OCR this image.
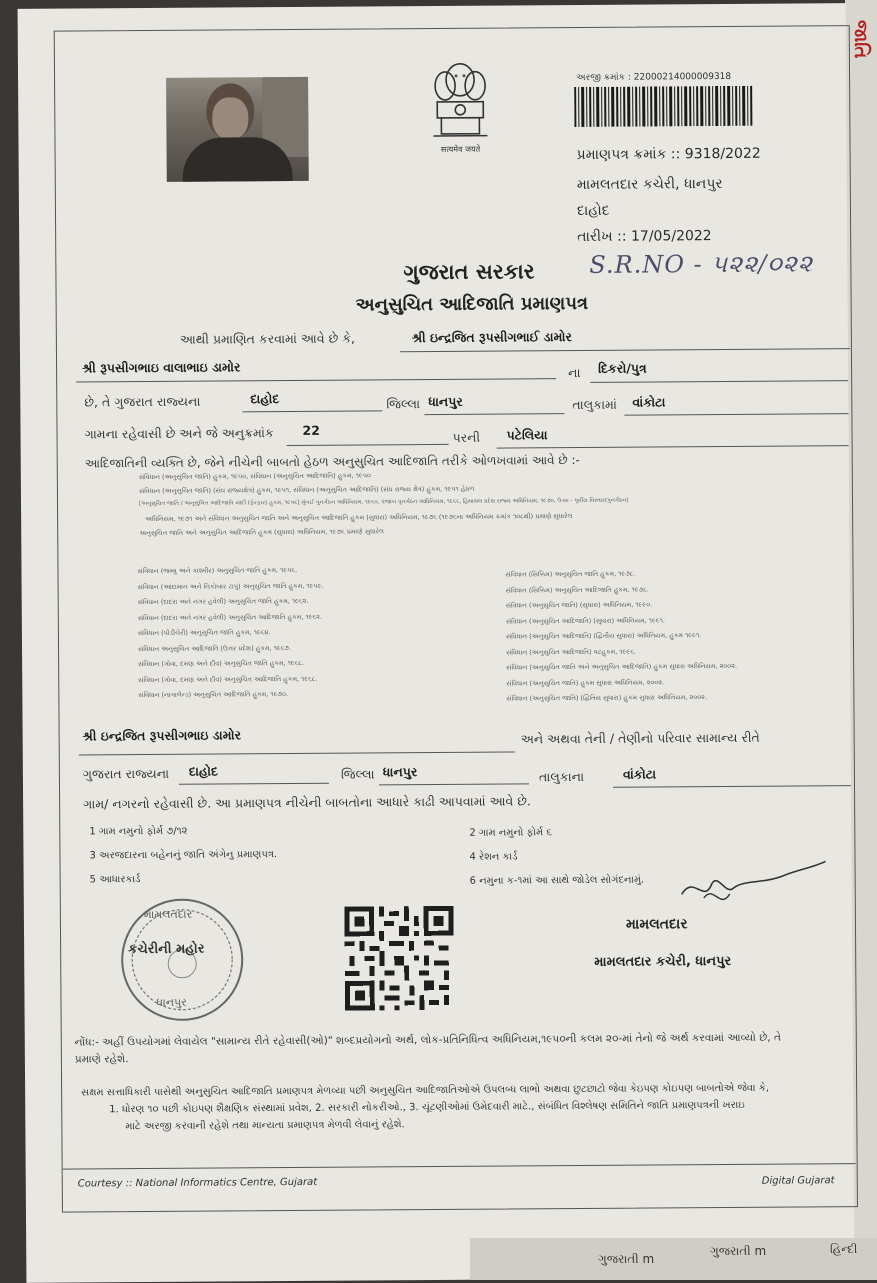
જાતિ
सत्यमेव जयते
અરજી ક્રમાંક : 22000214000009318
પ્રમાણપત્ર ક્રમાંક :: 9318/2022
મામલતદાર કચેરી, ધાનપુર
દાહોદ
તારીખ :: 17/05/2022
S.R.NO - ૫૨૨/૦૨૨
ગુજરાત સરકાર
અનુસુચિત આદિજાતિ પ્રમાણપત્ર
આથી પ્રમાણિત કરવામાં આવે છે કે,	શ્રી ઇન્દ્રજિત રૂપસીગભાઈ ડામોર
શ્રી રૂપસીગભાઇ વાલાભાઇ ડામોર	ના દિકરો/પુત્ર
છે, તે ગુજરાત રાજ્યના	દાહોદ	જિલ્લા ધાનપુર	તાલુકામાં વાંકોટા
ગામના રહેવાસી છે અને જે અનુક્રમાંક 22	પરની પટેલિયા
આદિજાતિની વ્યક્તિ છે, જેને નીચેની બાબતો હેઠળ અનુસુચિત આદિજાતિ તરીકે ઓળખવામાં આવે છે :-
સંવિધાન (અનુસુચિત જાતિ) હુકમ, ૧૯૫૦, સંવિધાન (અનુસુચિત આદિજાતિ) હુકમ, ૧૯૫૦
સંવિધાન (અનુસુચિત જાતિ) (સંઘ રાજ્યક્ષેત્ર) હુકમ, ૧૯૫૧, સંવિધાન (અનુસુચિત આદિજાતિ) (સંઘ રાજ્ય ક્ષેત્ર) હુકમ, ૧૯૫૧ હેઠળ
[અનુસુચિત જાતિ / અનુસુચિત આદિજાતિ યાદી (ફેરફાર) હુકમ, ૧૯૫૬] મુંબઈ પુનર્ગઠન અધિનિયમ, ૧૯૬૦, પંજાબ પુનર્ગઠન અધિનિયમ, ૧૯૬૬, હિમાચલ પ્રદેશ રાજ્ય અધિનિયમ, ૧૯૭૦, ઉત્તર - પૂર્વીય વિસ્તાર(પુનર્ગઠન)
અધિનિયમ, ૧૯૭૧ અને સંવિધાન અનુસુચિત જાતિ અને અનુસુચિત આદિજાતિ હુકમ (સુધારા) અધિનિયમ, ૧૯૭૬ (૧૯૭૬ના અધિનિયમ ક્રમાંક ૧૦૮થી) પ્રમાણે સુધારેલ
અનુસુચિત જાતિ અને અનુસુચિત આદિજાતિ હુકમ (સુધારા) અધિનિયમ, ૧૯૭૬ પ્રમાણે સુધારેલ
સંવિધાન (જમ્મુ અને કાશ્મીર) અનુસુચિત જાતિ હુકમ, ૧૯૫૬.
સંવિધાન (આંદામાન અને નિકોબાર ટાપુ) અનુસુચિત જાતિ હુકમ, ૧૯૫૯.
સંવિધાન (દાદરા અને નગર હવેલી) અનુસુચિત જાતિ હુકમ, ૧૯૬૨.
સંવિધાન (દાદરા અને નગર હવેલી) અનુસુચિત આદિજાતિ હુકમ, ૧૯૬૨.
સંવિધાન (પોંડીચેરી) અનુસુચિત જાતિ હુકમ, ૧૯૬૪.
સંવિધાન અનુસુચિત આદિજાતિ (ઉત્તર પ્રદેશ) હુકમ, ૧૯૬૭.
સંવિધાન (ગોવા, દમણ અને દીવ) અનુસુચિત જાતિ હુકમ, ૧૯૬૮.
સંવિધાન (ગોવા, દમણ અને દીવ) અનુસુચિત આદિજાતિ હુકમ, ૧૯૬૮.
સંવિધાન (નાગાલેન્ડ) અનુસુચિત આદિજાતિ હુકમ, ૧૯૭૦.
સંવિધાન (સિક્કિમ) અનુસુચિત જાતિ હુકમ, ૧૯૭૮.
સંવિધાન (સિક્કિમ) અનુસુચિત આદિજાતિ હુકમ, ૧૯૭૮.
સંવિધાન (અનુસુચિત જાતિ) (સુધારા) અધિનિયમ, ૧૯૯૦.
સંવિધાન (અનુસુચિત આદિજાતિ) (સુધારા) અધિનિયમ, ૧૯૯૧.
સંવિધાન (અનુસુચિત આદિજાતિ) (દ્વિતીય સુધારા) અધિનિયમ, હુકમ ૧૯૯૧.
સંવિધાન (અનુસુચિત આદિજાતિ) વટહુકમ, ૧૯૯૬.
સંવિધાન (અનુસુચિત જાતિ અને અનુસુચિત આદિજાતિ) હુકમ સુધારા અધિનિયમ, ૨૦૦૨.
સંવિધાન (અનુસુચિત જાતિ) હુકમ સુધારા અધિનિયમ, ૨૦૦૨.
સંવિધાન (અનુસુચિત જાતિ) (દ્વિતિય સુધારા) હુકમ સુધારા અધિનિયમ, ૨૦૦૨.
શ્રી ઇન્દ્રજિત રૂપસીગભાઇ ડામોર	અને અથવા તેની / તેણીનો પરિવાર સામાન્ય રીતે
ગુજરાત રાજ્યના દાહોદ	જિલ્લા ધાનપુર	તાલુકાના	વાંકોટા
ગામ/ નગરનો રહેવાસી છે. આ પ્રમાણપત્ર નીચેની બાબતોના આધારે કાઢી આપવામાં આવે છે.
1 ગામ નમુનો ફોર્મ ૭/૧૨	2 ગામ નમુનો ફોર્મ ૬
3 અરજદારના બહેનનું જાતિ અંગેનુ પ્રમાણપત્ર.	4 રેશન કાર્ડ
5 આધારકાર્ડ	6 નમુના ક-૧માં આ સાથે જોડેલ સોગંદનામું.
મામલતદાર
કચેરીની મહોર
ધાનપુર
મામલતદાર
મામલતદાર કચેરી, ધાનપુર
નોંધ:- અહીં ઉપયોગમાં લેવાયેલ "સામાન્ય રીતે રહેવાસી(ઓ)" શબ્દપ્રયોગનો અર્થ, લોક-પ્રતિનિધિત્વ અધિનિયમ,૧૯૫૦ની કલમ ૨૦-માં તેનો જે અર્થ કરવામાં આવ્યો છે, તે
પ્રમાણે રહેશે.
સક્ષમ સત્તાધિકારી પાસેથી અનુસુચિત આદિજાતિ પ્રમાણપત્ર મેળવ્યા પછી અનુસુચિત આદિજાતિઓએ ઉપલબ્ધ લાભો અથવા છુટછાટો જેવા કેઇપણ કોઇપણ બાબતોએ જેવા કે,
1. ધોરણ ૧૦ પછી કોઇપણ શૈક્ષણિક સંસ્થામાં પ્રવેશ, 2. સરકારી નોકરીઓ., 3. ચૂંટણીઓમાં ઉમેદવારી માટે., સંબંધિત વિશ્લેષણ સમિતિને જાતિ પ્રમાણપત્રની ખરાઇ
માટે અરજી કરવાની રહેશે તથા માન્યતા પ્રમાણપત્ર મેળવી લેવાનું રહેશે.
Courtesy :: National Informatics Centre, Gujarat	Digital Gujarat
ગુજરાતી m
ગુજરાતી m	હિન્દી
